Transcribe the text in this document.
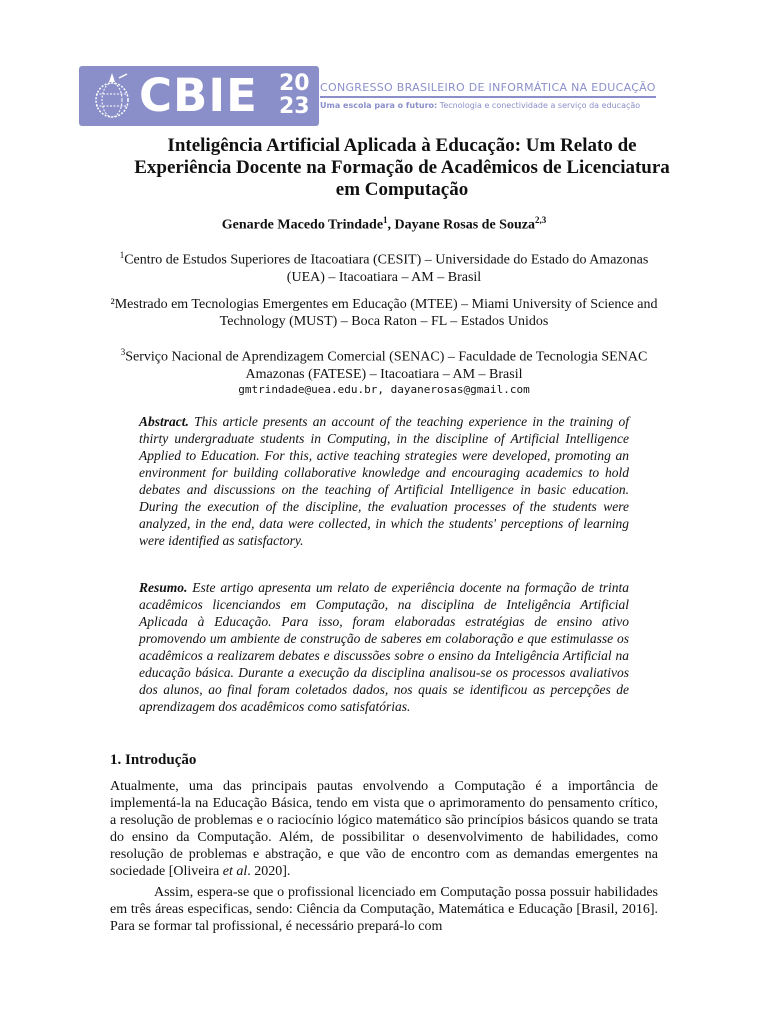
CBIE 20
23
CONGRESSO BRASILEIRO DE INFORMÁTICA NA EDUCAÇÃO
Uma escola para o futuro: Tecnologia e conectividade a serviço da educação
Inteligência Artificial Aplicada à Educação: Um Relato de Experiência Docente na Formação de Acadêmicos de Licenciatura em Computação
Genarde Macedo Trindade$^1$, Dayane Rosas de Souza$^{2,3}$
$^1$Centro de Estudos Superiores de Itacoatiara (CESIT) – Universidade do Estado do Amazonas (UEA) – Itacoatiara – AM – Brasil
²Mestrado em Tecnologias Emergentes em Educação (MTEE) – Miami University of Science and Technology (MUST) – Boca Raton – FL – Estados Unidos
$^3$Serviço Nacional de Aprendizagem Comercial (SENAC) – Faculdade de Tecnologia SENAC Amazonas (FATESE) – Itacoatiara – AM – Brasil
gmtrindade@uea.edu.br, dayanerosas@gmail.com
Abstract. This article presents an account of the teaching experience in the training of thirty undergraduate students in Computing, in the discipline of Artificial Intelligence Applied to Education. For this, active teaching strategies were developed, promoting an environment for building collaborative knowledge and encouraging academics to hold debates and discussions on the teaching of Artificial Intelligence in basic education. During the execution of the discipline, the evaluation processes of the students were analyzed, in the end, data were collected, in which the students' perceptions of learning were identified as satisfactory.
Resumo. Este artigo apresenta um relato de experiência docente na formação de trinta acadêmicos licenciandos em Computação, na disciplina de Inteligência Artificial Aplicada à Educação. Para isso, foram elaboradas estratégias de ensino ativo promovendo um ambiente de construção de saberes em colaboração e que estimulasse os acadêmicos a realizarem debates e discussões sobre o ensino da Inteligência Artificial na educação básica. Durante a execução da disciplina analisou-se os processos avaliativos dos alunos, ao final foram coletados dados, nos quais se identificou as percepções de aprendizagem dos acadêmicos como satisfatórias.
1. Introdução
Atualmente, uma das principais pautas envolvendo a Computação é a importância de implementá-la na Educação Básica, tendo em vista que o aprimoramento do pensamento crítico, a resolução de problemas e o raciocínio lógico matemático são princípios básicos quando se trata do ensino da Computação. Além, de possibilitar o desenvolvimento de habilidades, como resolução de problemas e abstração, e que vão de encontro com as demandas emergentes na sociedade [Oliveira et al. 2020].
Assim, espera-se que o profissional licenciado em Computação possa possuir habilidades em três áreas especificas, sendo: Ciência da Computação, Matemática e Educação [Brasil, 2016]. Para se formar tal profissional, é necessário prepará-lo com
